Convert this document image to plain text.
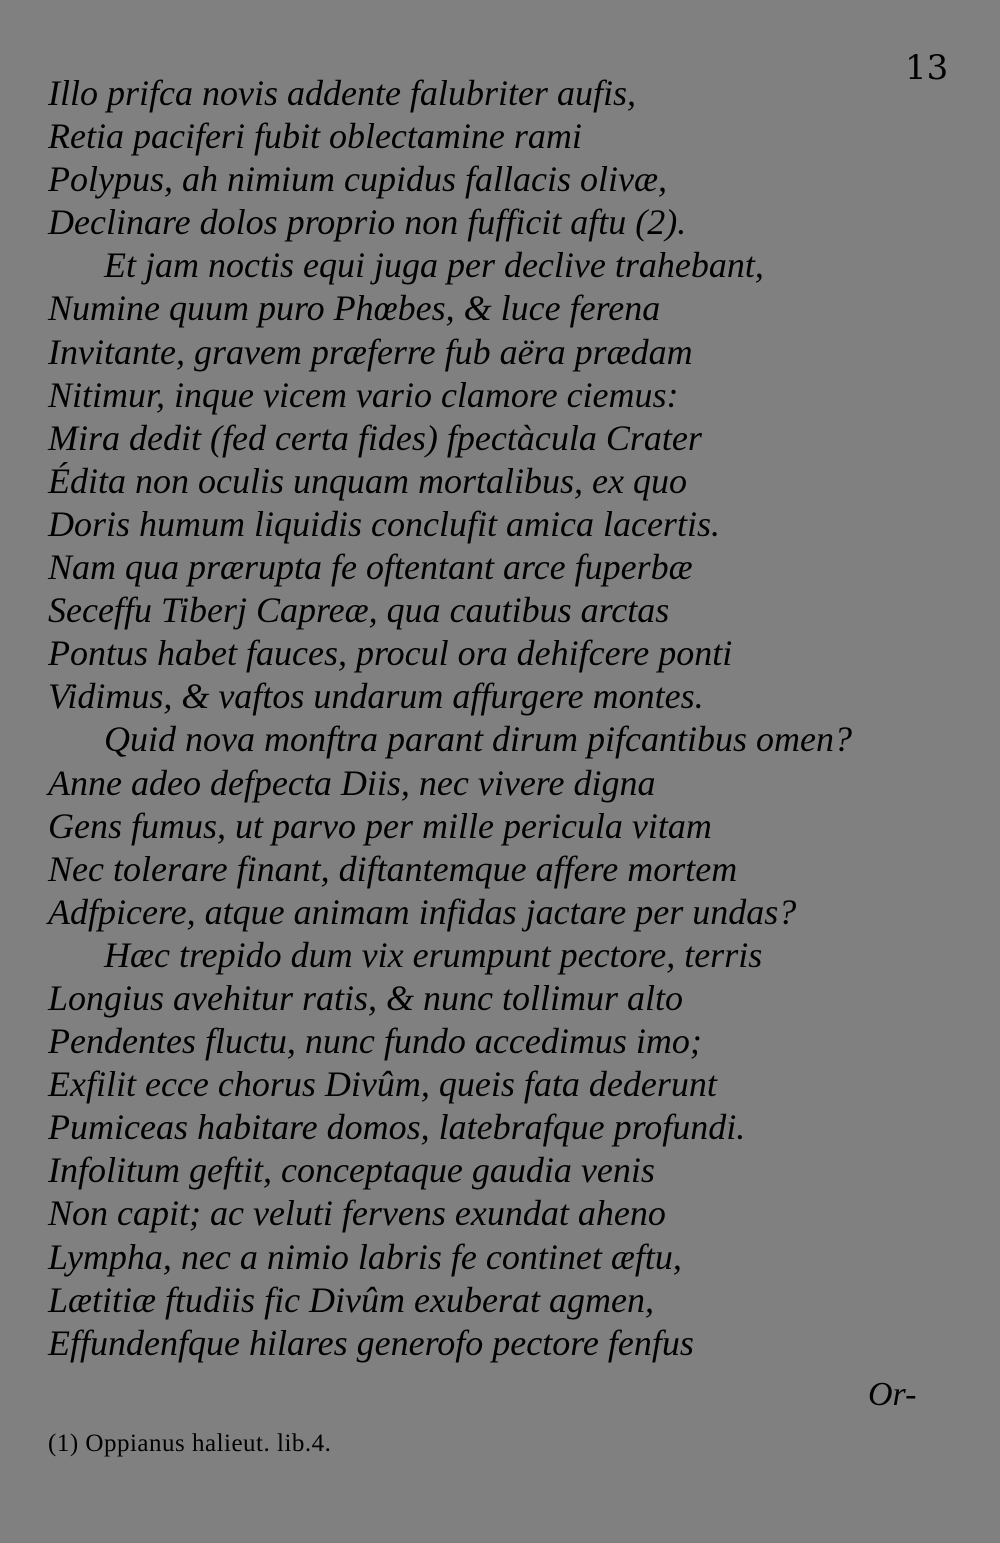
13
Illo prifca novis addente falubriter aufis,
Retia paciferi fubit oblectamine rami
Polypus, ah nimium cupidus fallacis olivæ,
Declinare dolos proprio non fufficit aftu (2).
Et jam noctis equi juga per declive trahebant,
Numine quum puro Phœbes, & luce ferena
Invitante, gravem præferre fub aëra prædam
Nitimur, inque vicem vario clamore ciemus:
Mira dedit (fed certa fides) fpectàcula Crater
Édita non oculis unquam mortalibus, ex quo
Doris humum liquidis conclufit amica lacertis.
Nam qua prærupta fe oftentant arce fuperbæ
Seceffu Tiberj Capreæ, qua cautibus arctas
Pontus habet fauces, procul ora dehifcere ponti
Vidimus, & vaftos undarum affurgere montes.
Quid nova monftra parant dirum pifcantibus omen?
Anne adeo defpecta Diis, nec vivere digna
Gens fumus, ut parvo per mille pericula vitam
Nec tolerare finant, diftantemque affere mortem
Adfpicere, atque animam infidas jactare per undas?
Hæc trepido dum vix erumpunt pectore, terris
Longius avehitur ratis, & nunc tollimur alto
Pendentes fluctu, nunc fundo accedimus imo;
Exfilit ecce chorus Divûm, queis fata dederunt
Pumiceas habitare domos, latebrafque profundi.
Infolitum geftit, conceptaque gaudia venis
Non capit; ac veluti fervens exundat aheno
Lympha, nec a nimio labris fe continet æftu,
Lætitiæ ftudiis fic Divûm exuberat agmen,
Effundenfque hilares generofo pectore fenfus
Or-
(1) Oppianus halieut. lib.4.
